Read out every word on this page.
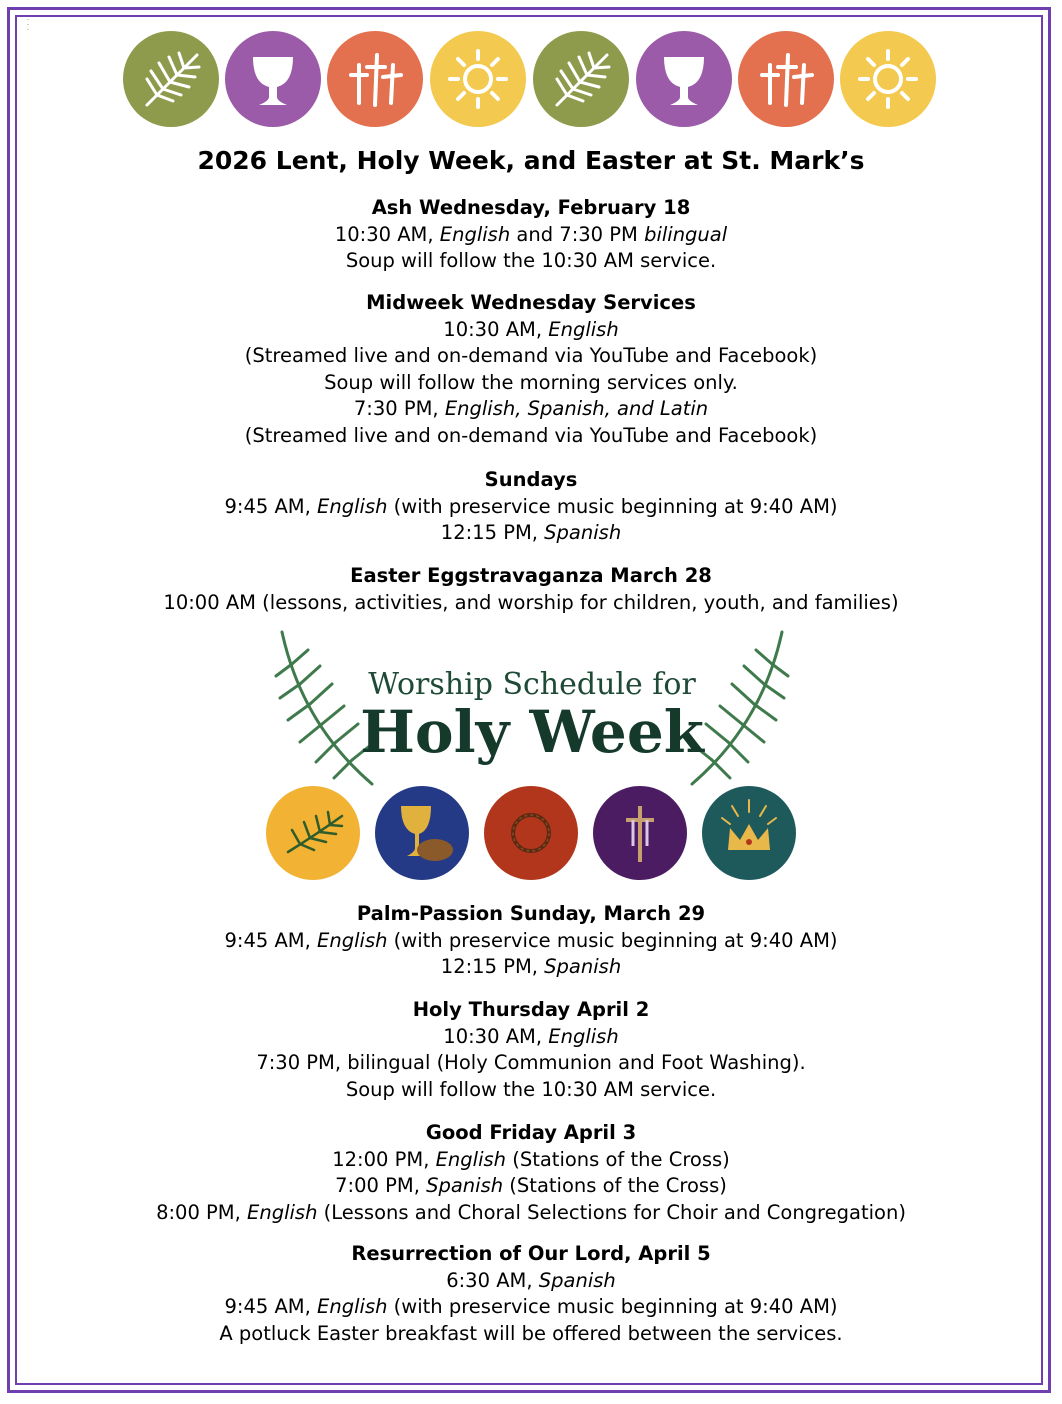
·
·
·
2026 Lent, Holy Week, and Easter at St. Mark’s
Ash Wednesday, February 18
10:30 AM, English and 7:30 PM bilingual
Soup will follow the 10:30 AM service.
Midweek Wednesday Services
10:30 AM, English
(Streamed live and on-demand via YouTube and Facebook)
Soup will follow the morning services only.
7:30 PM, English, Spanish, and Latin
(Streamed live and on-demand via YouTube and Facebook)
Sundays
9:45 AM, English (with preservice music beginning at 9:40 AM)
12:15 PM, Spanish
Easter Eggstravaganza March 28
10:00 AM (lessons, activities, and worship for children, youth, and families)
Worship Schedule for
Holy Week
Palm-Passion Sunday, March 29
9:45 AM, English (with preservice music beginning at 9:40 AM)
12:15 PM, Spanish
Holy Thursday April 2
10:30 AM, English
7:30 PM, bilingual (Holy Communion and Foot Washing).
Soup will follow the 10:30 AM service.
Good Friday April 3
12:00 PM, English (Stations of the Cross)
7:00 PM, Spanish (Stations of the Cross)
8:00 PM, English (Lessons and Choral Selections for Choir and Congregation)
Resurrection of Our Lord, April 5
6:30 AM, Spanish
9:45 AM, English (with preservice music beginning at 9:40 AM)
A potluck Easter breakfast will be offered between the services.
